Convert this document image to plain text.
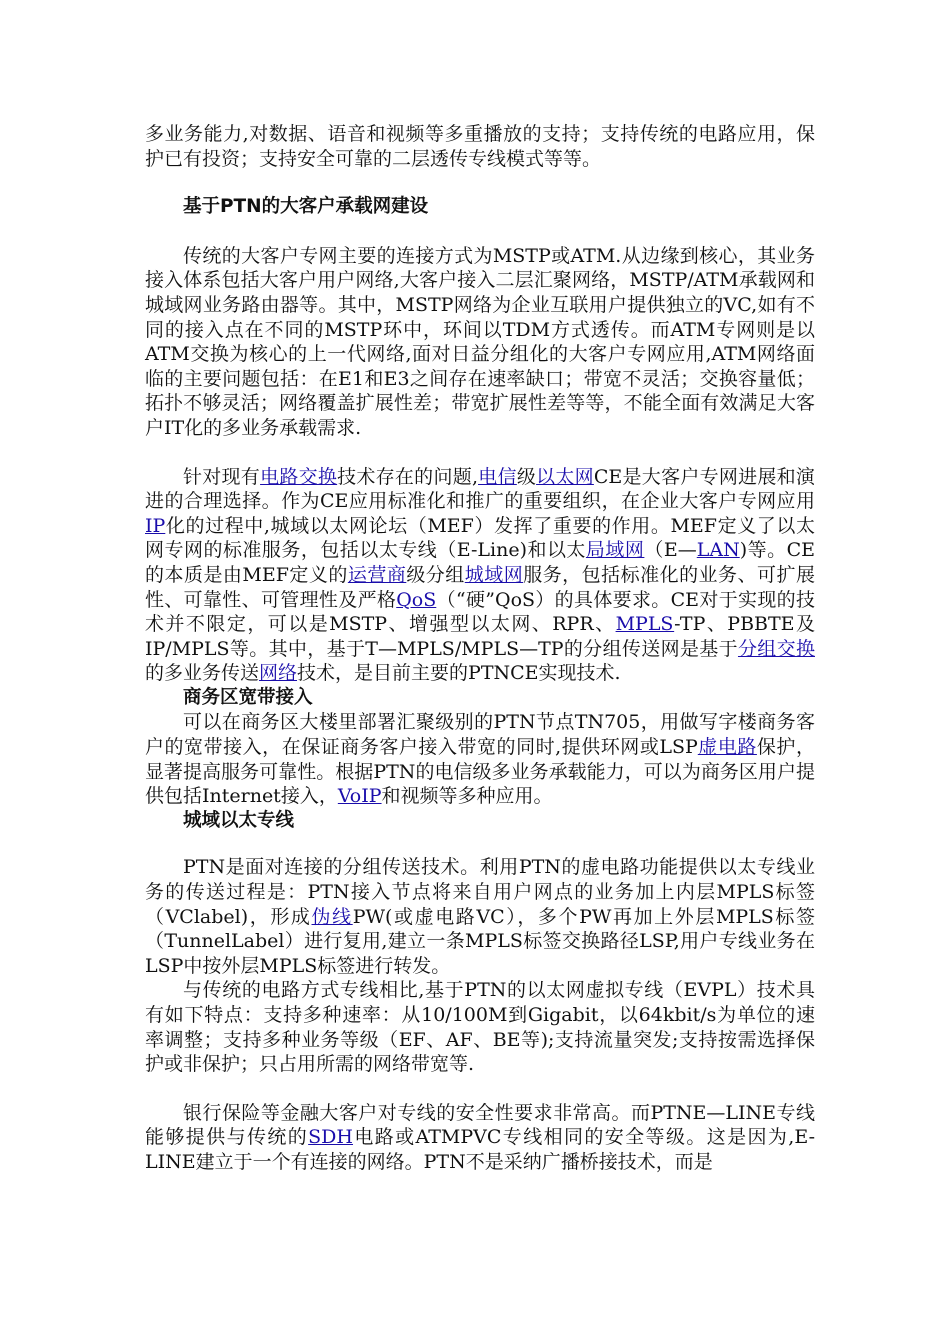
多业务能力,对数据、语音和视频等多重播放的支持；支持传统的电路应用，保护已有投资；支持安全可靠的二层透传专线模式等等。

基于PTN的大客户承载网建设

传统的大客户专网主要的连接方式为MSTP或ATM.从边缘到核心，其业务接入体系包括大客户用户网络,大客户接入二层汇聚网络，MSTP/ATM承载网和城域网业务路由器等。其中，MSTP网络为企业互联用户提供独立的VC,如有不同的接入点在不同的MSTP环中，环间以TDM方式透传。而ATM专网则是以ATM交换为核心的上一代网络,面对日益分组化的大客户专网应用,ATM网络面临的主要问题包括：在E1和E3之间存在速率缺口；带宽不灵活；交换容量低；拓扑不够灵活；网络覆盖扩展性差；带宽扩展性差等等，不能全面有效满足大客户IT化的多业务承载需求.

针对现有电路交换技术存在的问题,电信级以太网CE是大客户专网进展和演进的合理选择。作为CE应用标准化和推广的重要组织，在企业大客户专网应用IP化的过程中,城域以太网论坛（MEF）发挥了重要的作用。MEF定义了以太网专网的标准服务，包括以太专线（E-Line)和以太局域网（E—LAN)等。CE的本质是由MEF定义的运营商级分组城域网服务，包括标准化的业务、可扩展性、可靠性、可管理性及严格QoS（“硬”QoS）的具体要求。CE对于实现的技术并不限定，可以是MSTP、增强型以太网、RPR、MPLS-TP、PBBTE及IP/MPLS等。其中，基于T—MPLS/MPLS—TP的分组传送网是基于分组交换的多业务传送网络技术，是目前主要的PTNCE实现技术.

商务区宽带接入

可以在商务区大楼里部署汇聚级别的PTN节点TN705，用做写字楼商务客户的宽带接入，在保证商务客户接入带宽的同时,提供环网或LSP虚电路保护，显著提高服务可靠性。根据PTN的电信级多业务承载能力，可以为商务区用户提供包括Internet接入，VoIP和视频等多种应用。

城域以太专线

PTN是面对连接的分组传送技术。利用PTN的虚电路功能提供以太专线业务的传送过程是：PTN接入节点将来自用户网点的业务加上内层MPLS标签（VClabel)，形成伪线PW(或虚电路VC），多个PW再加上外层MPLS标签（TunnelLabel）进行复用,建立一条MPLS标签交换路径LSP,用户专线业务在LSP中按外层MPLS标签进行转发。

与传统的电路方式专线相比,基于PTN的以太网虚拟专线（EVPL）技术具有如下特点：支持多种速率：从10/100M到Gigabit，以64kbit/s为单位的速率调整；支持多种业务等级（EF、AF、BE等);支持流量突发;支持按需选择保护或非保护；只占用所需的网络带宽等.

银行保险等金融大客户对专线的安全性要求非常高。而PTNE—LINE专线能够提供与传统的SDH电路或ATMPVC专线相同的安全等级。这是因为,E-LINE建立于一个有连接的网络。PTN不是采纳广播桥接技术，而是
